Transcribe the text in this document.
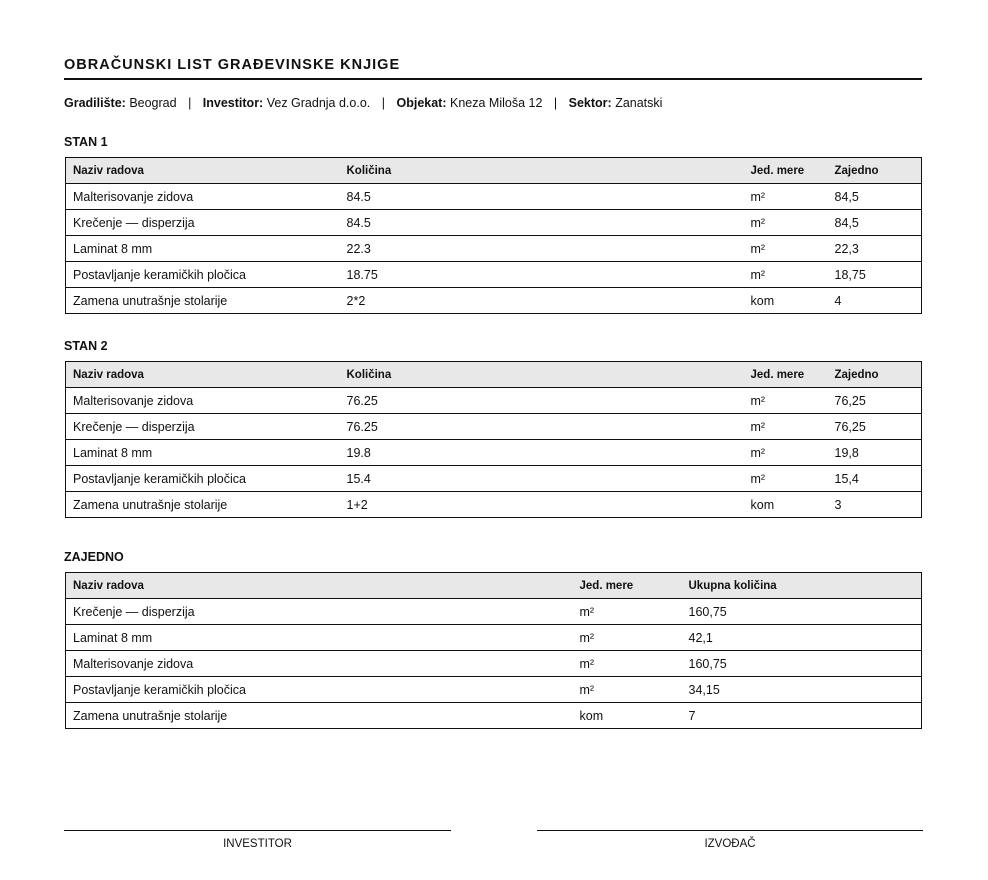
OBRAČUNSKI LIST GRAĐEVINSKE KNJIGE
Gradilište: Beograd | Investitor: Vez Gradnja d.o.o. | Objekat: Kneza Miloša 12 | Sektor: Zanatski
STAN 1
Naziv radova	Količina	Jed. mere	Zajedno
Malterisovanje zidova	84.5	m²	84,5
Krečenje — disperzija	84.5	m²	84,5
Laminat 8 mm	22.3	m²	22,3
Postavljanje keramičkih pločica	18.75	m²	18,75
Zamena unutrašnje stolarije	2*2	kom	4
STAN 2
Naziv radova	Količina	Jed. mere	Zajedno
Malterisovanje zidova	76.25	m²	76,25
Krečenje — disperzija	76.25	m²	76,25
Laminat 8 mm	19.8	m²	19,8
Postavljanje keramičkih pločica	15.4	m²	15,4
Zamena unutrašnje stolarije	1+2	kom	3
ZAJEDNO
Naziv radova	Jed. mere	Ukupna količina
Krečenje — disperzija	m²	160,75
Laminat 8 mm	m²	42,1
Malterisovanje zidova	m²	160,75
Postavljanje keramičkih pločica	m²	34,15
Zamena unutrašnje stolarije	kom	7
INVESTITOR	IZVOĐAČ
